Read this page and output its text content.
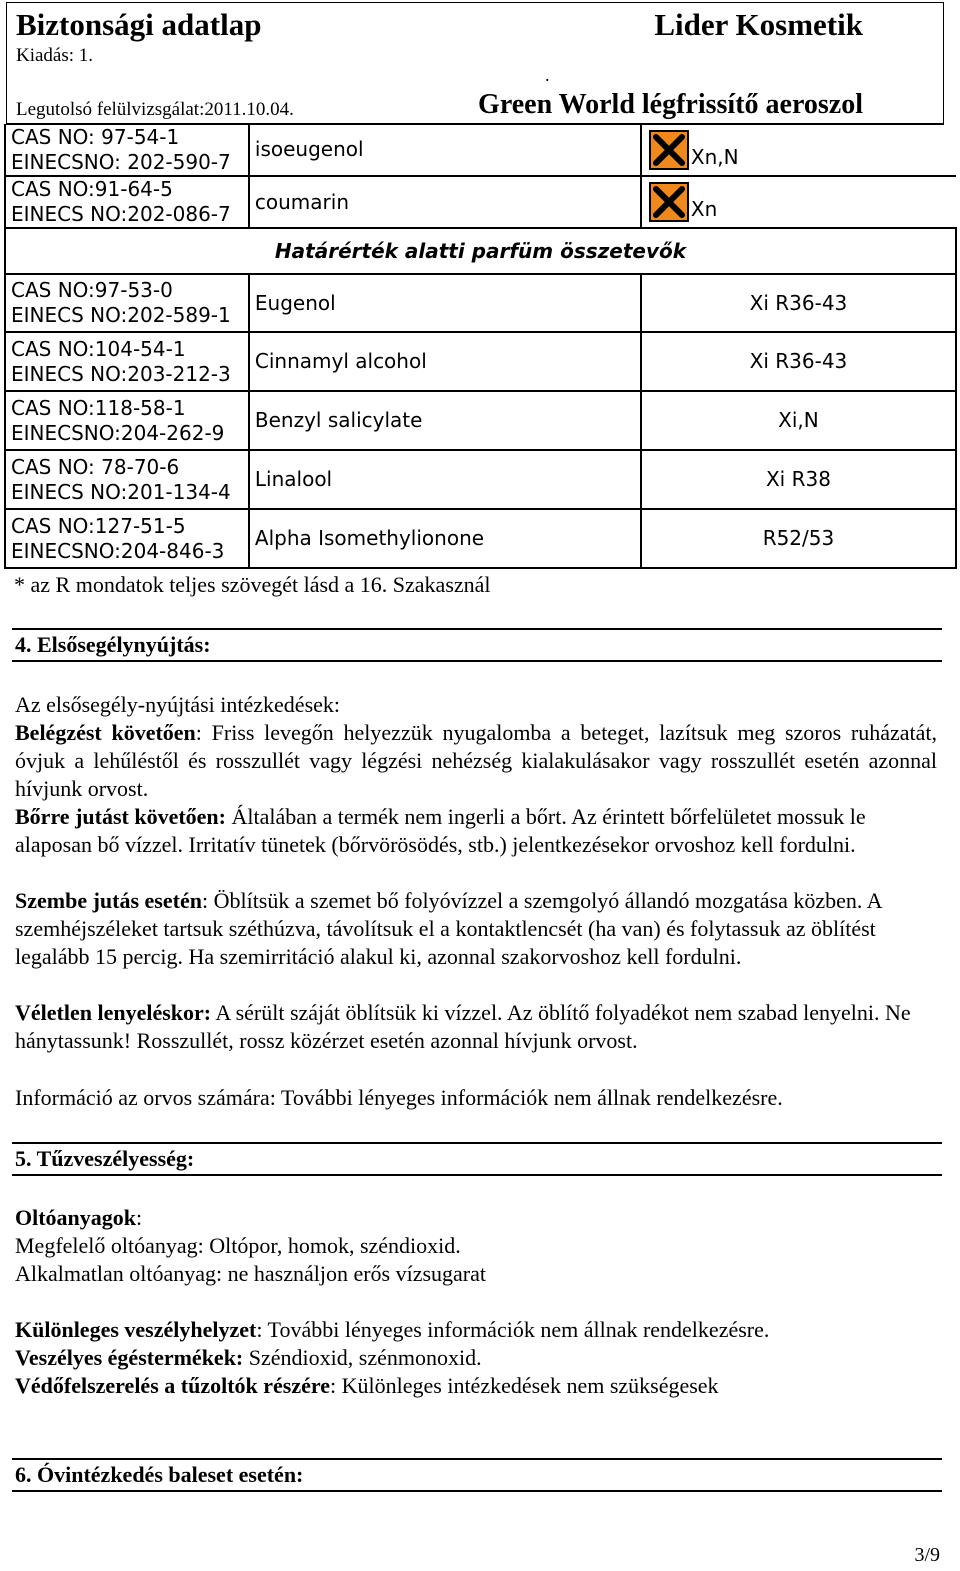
Biztonsági adatlap
Kiadás: 1.
Legutolsó felülvizsgálat:2011.10.04.
Lider Kosmetik
.
Green World légfrissítő aeroszol
CAS NO: 97-54-1
EINECSNO: 202-590-7	isoeugenol	Xn,N

CAS NO:91-64-5
EINECS NO:202-086-7	coumarin	Xn

Határérték alatti parfüm összetevők		
CAS NO:97-53-0
EINECS NO:202-589-1	Eugenol	Xi R36-43
CAS NO:104-54-1
EINECS NO:203-212-3	Cinnamyl alcohol	Xi R36-43
CAS NO:118-58-1
EINECSNO:204-262-9	Benzyl salicylate	Xi,N
CAS NO: 78-70-6
EINECS NO:201-134-4	Linalool	Xi R38
CAS NO:127-51-5
EINECSNO:204-846-3	Alpha Isomethylionone	R52/53
* az R mondatok teljes szövegét lásd a 16. Szakasznál
4. Elsősegélynyújtás:
Az elsősegély-nyújtási intézkedések:
Belégzést követően: Friss levegőn helyezzük nyugalomba a beteget, lazítsuk meg szoros ruházatát, óvjuk a lehűléstől és rosszullét vagy légzési nehézség kialakulásakor vagy rosszullét esetén azonnal hívjunk orvost.
Bőrre jutást követően: Általában a termék nem ingerli a bőrt. Az érintett bőrfelületet mossuk le alaposan bő vízzel. Irritatív tünetek (bőrvörösödés, stb.) jelentkezésekor orvoshoz kell fordulni.
Szembe jutás esetén: Öblítsük a szemet bő folyóvízzel a szemgolyó állandó mozgatása közben. A szemhéjszéleket tartsuk széthúzva, távolítsuk el a kontaktlencsét (ha van) és folytassuk az öblítést legalább 15 percig. Ha szemirritáció alakul ki, azonnal szakorvoshoz kell fordulni.
Véletlen lenyeléskor: A sérült száját öblítsük ki vízzel. Az öblítő folyadékot nem szabad lenyelni. Ne hánytassunk! Rosszullét, rossz közérzet esetén azonnal hívjunk orvost.
Információ az orvos számára: További lényeges információk nem állnak rendelkezésre.
5. Tűzveszélyesség:
Oltóanyagok:
Megfelelő oltóanyag: Oltópor, homok, széndioxid.
Alkalmatlan oltóanyag: ne használjon erős vízsugarat
Különleges veszélyhelyzet: További lényeges információk nem állnak rendelkezésre.
Veszélyes égéstermékek: Széndioxid, szénmonoxid.
Védőfelszerelés a tűzoltók részére: Különleges intézkedések nem szükségesek
6. Óvintézkedés baleset esetén:
3/9
